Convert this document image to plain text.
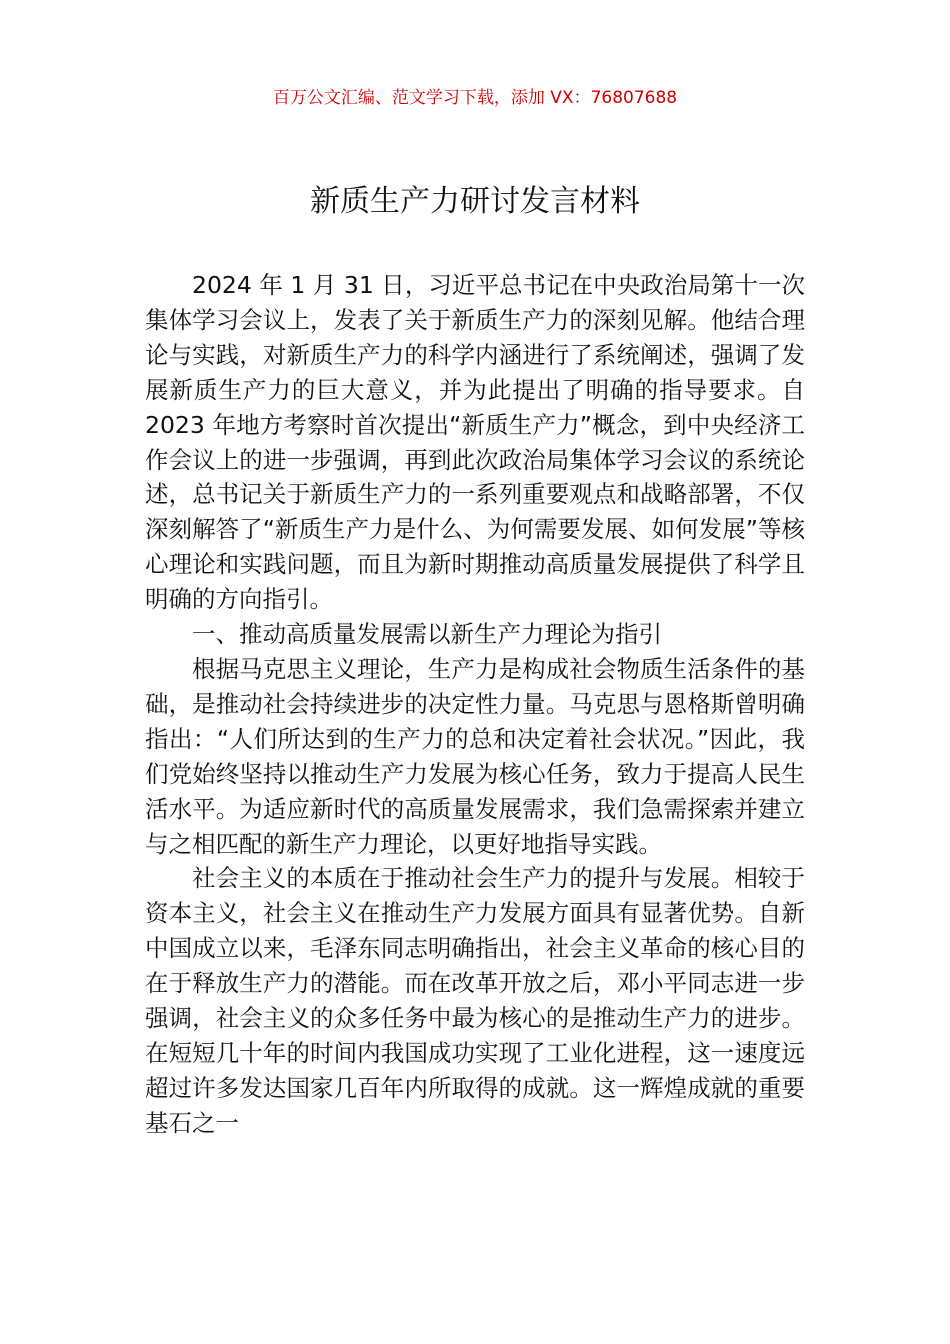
百万公文汇编、范文学习下载，添加 VX：76807688
新质生产力研讨发言材料

2024 年 1 月 31 日，习近平总书记在中央政治局第十一次集体学习会议上，发表了关于新质生产力的深刻见解。他结合理论与实践，对新质生产力的科学内涵进行了系统阐述，强调了发展新质生产力的巨大意义，并为此提出了明确的指导要求。自 2023 年地方考察时首次提出“新质生产力”概念，到中央经济工作会议上的进一步强调，再到此次政治局集体学习会议的系统论述，总书记关于新质生产力的一系列重要观点和战略部署，不仅深刻解答了“新质生产力是什么、为何需要发展、如何发展”等核心理论和实践问题，而且为新时期推动高质量发展提供了科学且明确的方向指引。

一、推动高质量发展需以新生产力理论为指引

根据马克思主义理论，生产力是构成社会物质生活条件的基础，是推动社会持续进步的决定性力量。马克思与恩格斯曾明确指出：“人们所达到的生产力的总和决定着社会状况。”因此，我们党始终坚持以推动生产力发展为核心任务，致力于提高人民生活水平。为适应新时代的高质量发展需求，我们急需探索并建立与之相匹配的新生产力理论，以更好地指导实践。

社会主义的本质在于推动社会生产力的提升与发展。相较于资本主义，社会主义在推动生产力发展方面具有显著优势。自新中国成立以来，毛泽东同志明确指出，社会主义革命的核心目的在于释放生产力的潜能。而在改革开放之后，邓小平同志进一步强调，社会主义的众多任务中最为核心的是推动生产力的进步。在短短几十年的时间内我国成功实现了工业化进程，这一速度远超过许多发达国家几百年内所取得的成就。这一辉煌成就的重要基石之一
